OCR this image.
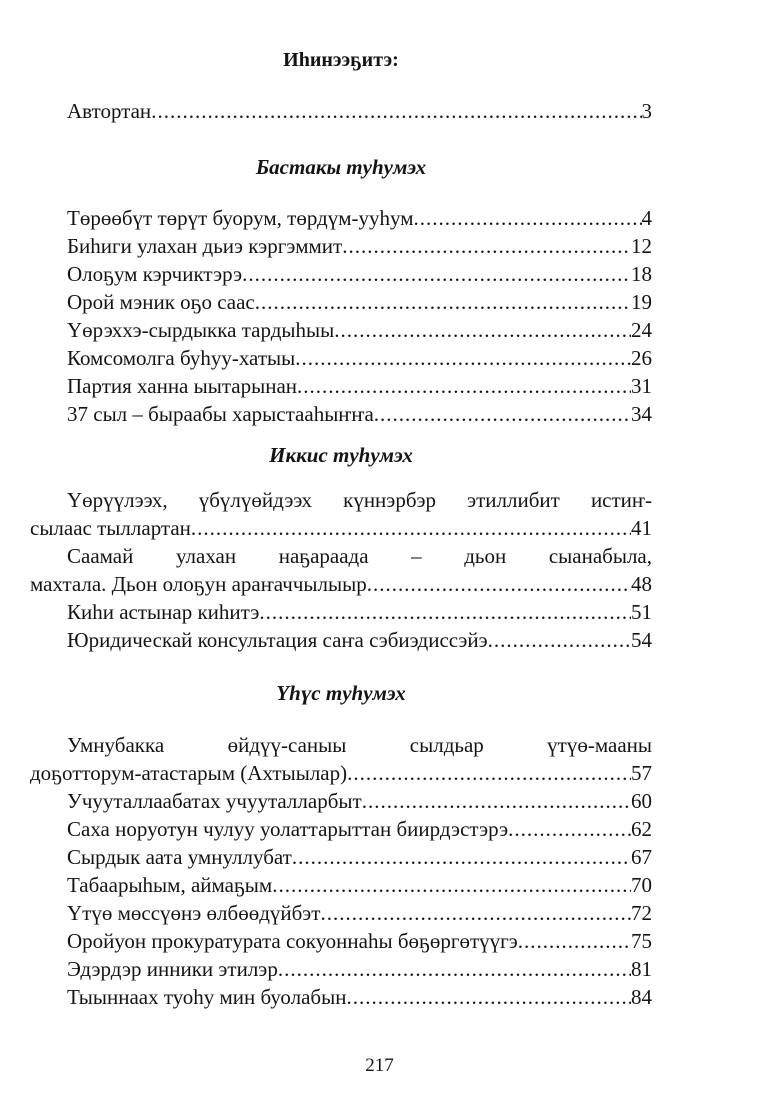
Иhинээҕитэ:
Автортан .....	3
Бастакы тyhyмэх
Төрөөбүт төрүт буорум, төрдүм-ууhум .....	4
Биhиги улахан дьиэ кэргэммит .....	12
Олоҕум кэрчиктэрэ .....	18
Орой мэник оҕо саас .....	19
Үөрэххэ-сырдыкка тардыhыы .....	24
Комсомолга буhуу-хатыы .....	26
Партия ханна ыытарынан .....	31
37 сыл – быраабы харыстааhыҥҥа .....	34
Иккис тyhyмэх
Үөрүүлээх, үбүлүөйдээх күннэрбэр этиллибит истиҥ-
сылаас тыллартан .....	41
Саамай улахан наҕараада – дьон сыанабыла,
махтала. Дьон олоҕун араҥаччылыыр .....	48
Киhи астынар киhитэ .....	51
Юридическай консультация саҥа сэбиэдиссэйэ .....	54
Үhүс тyhyмэх
Умнубакка өйдүү-саныы сылдьар үтүө-мааны
доҕотторум-атастарым (Ахтыылар) .....	57
Учууталлаабатах учууталларбыт .....	60
Саха норуотун чулуу уолаттарыттан биирдэстэрэ .....	62
Сырдык аата умнуллубат .....	67
Табаарыhым, аймаҕым .....	70
Үтүө мөссүөнэ өлбөөдүйбэт .....	72
Оройуон прокуратурата сокуоннаhы бөҕөргөтүүгэ .....	75
Эдэрдэр инники этилэр .....	81
Тыыннаах туоhу мин буолабын .....	84
217
